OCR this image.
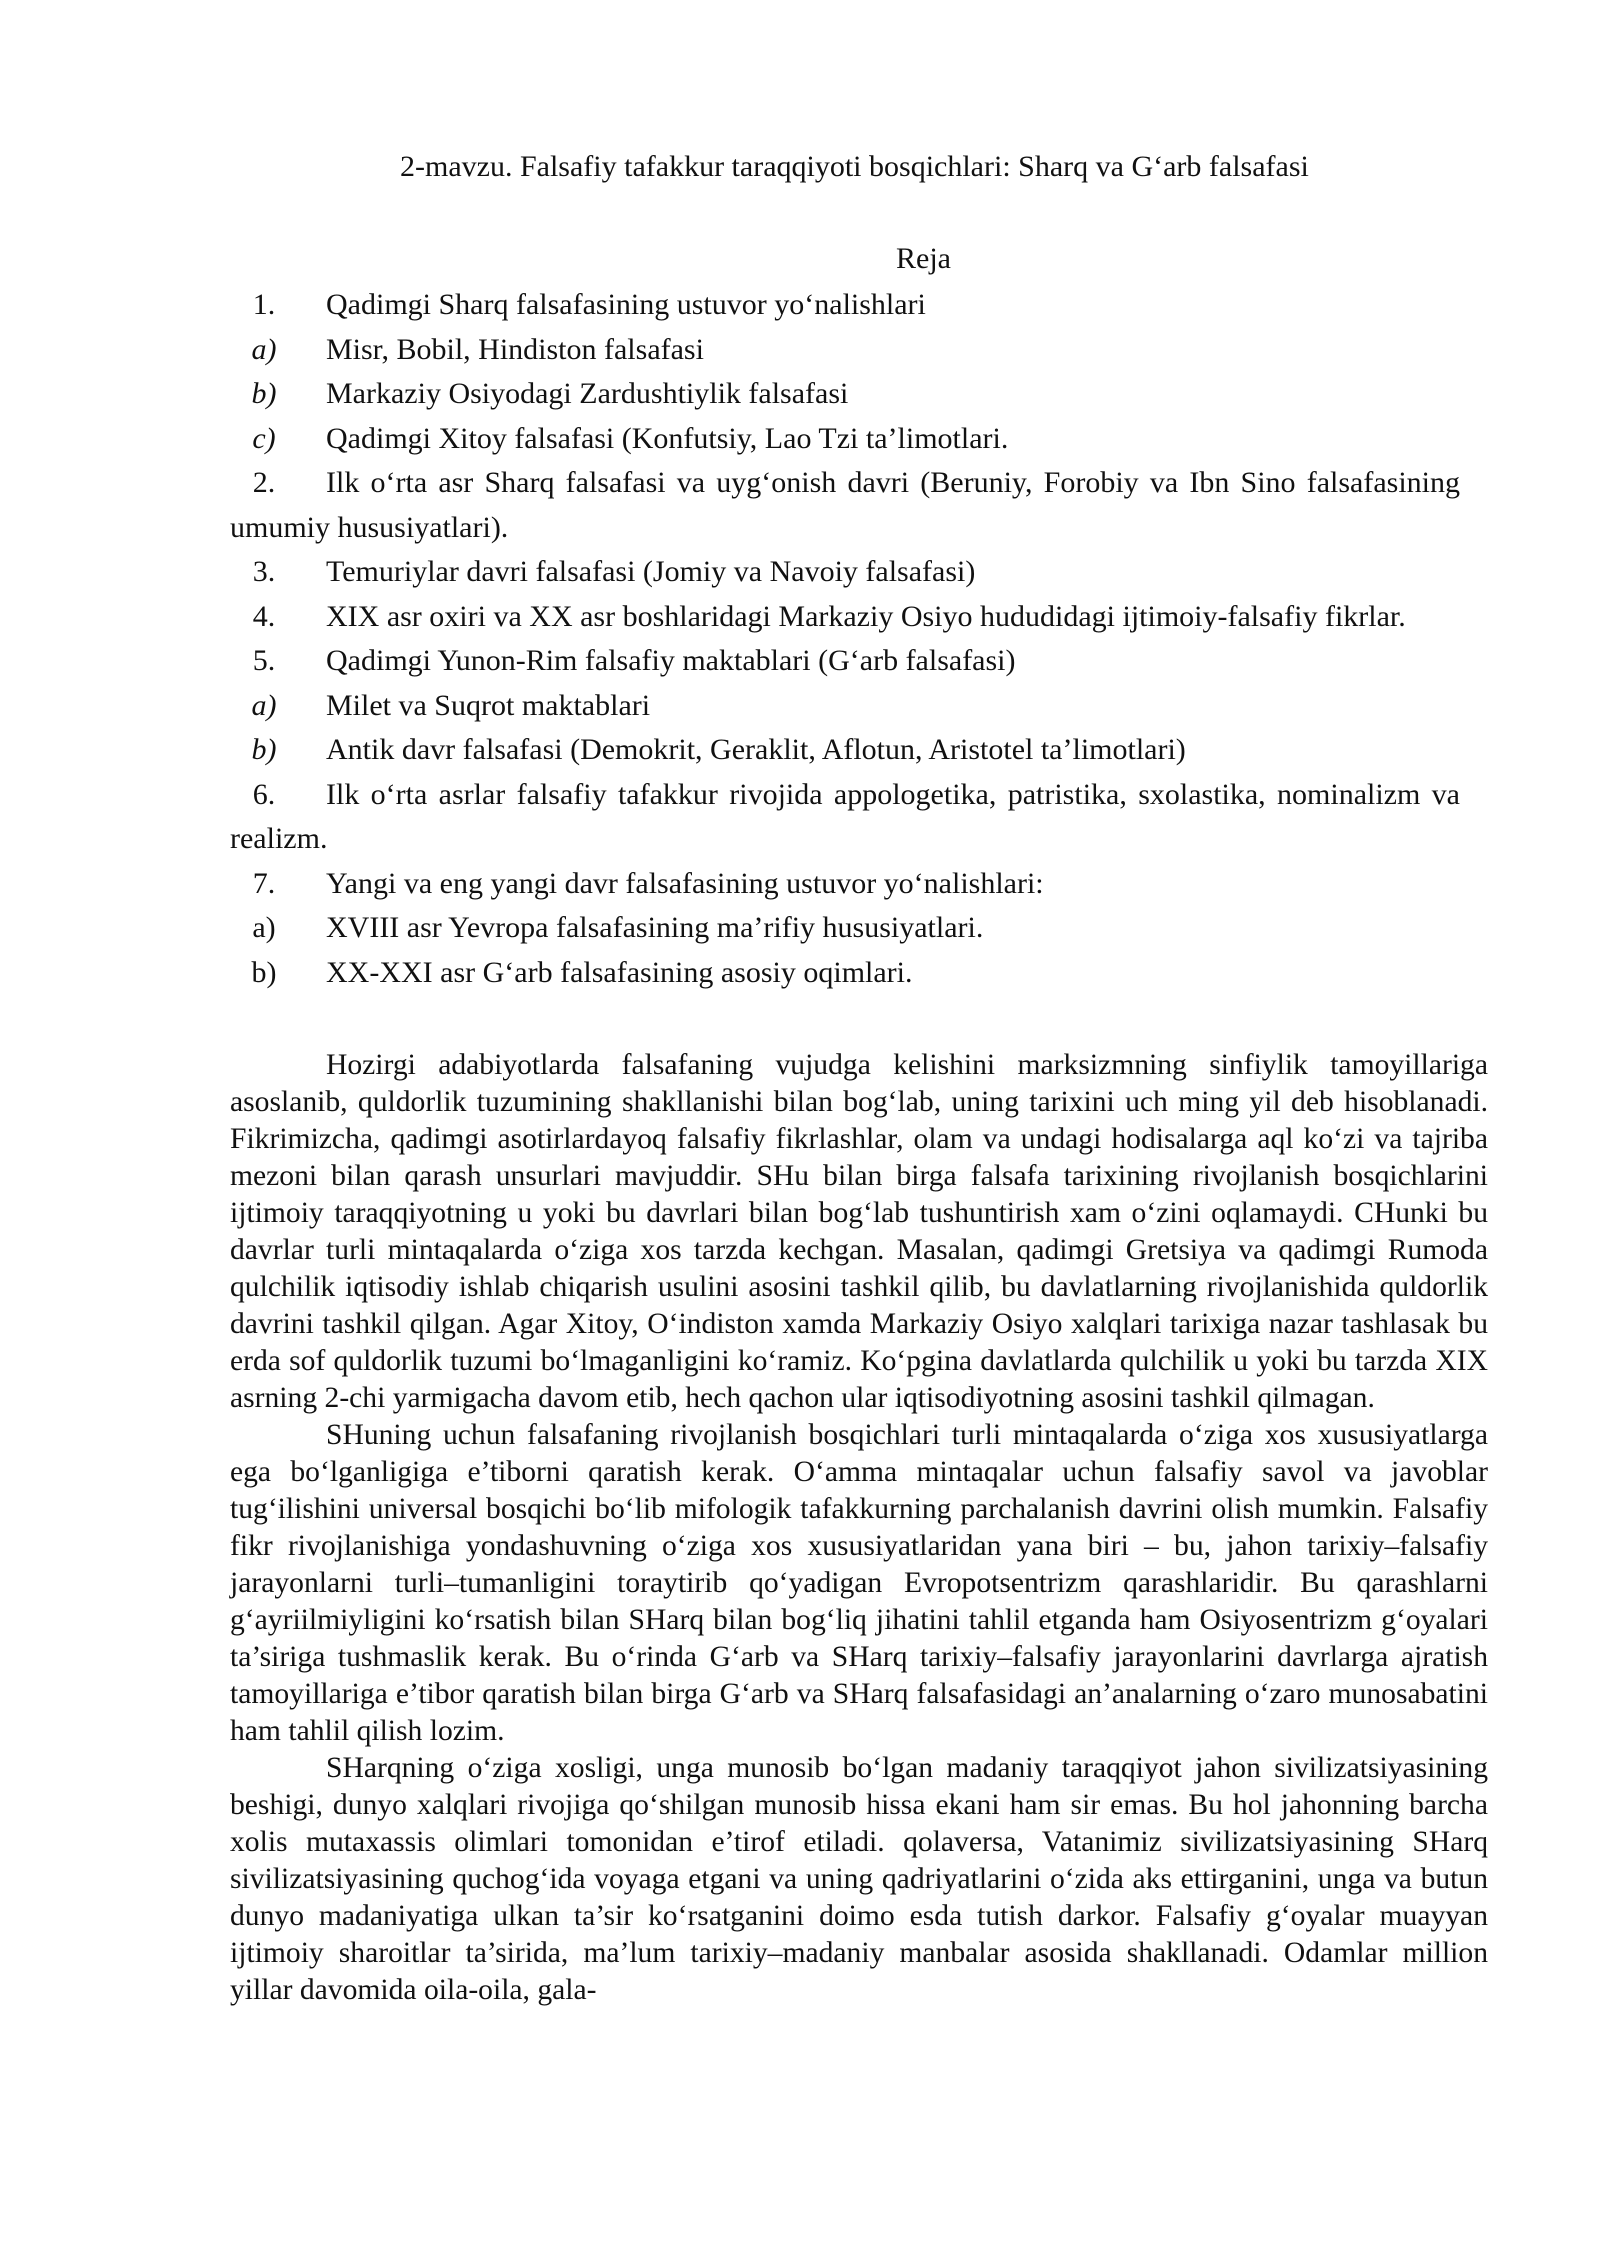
2-mavzu. Falsafiy tafakkur taraqqiyoti bosqichlari: Sharq va G‘arb falsafasi
Reja
1.	Qadimgi Sharq falsafasining ustuvor yo‘nalishlari
a)	Misr, Bobil, Hindiston falsafasi
b)	Markaziy Osiyodagi Zardushtiylik falsafasi
c)	Qadimgi Xitoy falsafasi (Konfutsiy, Lao Tzi ta’limotlari.
2.	Ilk o‘rta asr Sharq falsafasi va uyg‘onish davri (Beruniy, Forobiy va Ibn Sino falsafasining umumiy hususiyatlari).
3.	Temuriylar davri falsafasi (Jomiy va Navoiy falsafasi)
4.	XIX asr oxiri va XX asr boshlaridagi Markaziy Osiyo hududidagi ijtimoiy-falsafiy fikrlar.
5.	Qadimgi Yunon-Rim falsafiy maktablari (G‘arb falsafasi)
a)	Milet va Suqrot maktablari
b)	Antik davr falsafasi (Demokrit, Geraklit, Aflotun, Aristotel ta’limotlari)
6.	Ilk o‘rta asrlar falsafiy tafakkur rivojida appologetika, patristika, sxolastika, nominalizm va realizm.
7.	Yangi va eng yangi davr falsafasining ustuvor yo‘nalishlari:
a)	XVIII asr Yevropa falsafasining ma’rifiy hususiyatlari.
b)	XX-XXI asr G‘arb falsafasining asosiy oqimlari.

Hozirgi adabiyotlarda falsafaning vujudga kelishini marksizmning sinfiylik tamoyillariga asoslanib, quldorlik tuzumining shakllanishi bilan bog‘lab, uning tarixini uch ming yil deb hisoblanadi. Fikrimizcha, qadimgi asotirlardayoq falsafiy fikrlashlar, olam va undagi hodisalarga aql ko‘zi va tajriba mezoni bilan qarash unsurlari mavjuddir. SHu bilan birga falsafa tarixining rivojlanish bosqichlarini ijtimoiy taraqqiyotning u yoki bu davrlari bilan bog‘lab tushuntirish xam o‘zini oqlamaydi. CHunki bu davrlar turli mintaqalarda o‘ziga xos tarzda kechgan. Masalan, qadimgi Gretsiya va qadimgi Rumoda qulchilik iqtisodiy ishlab chiqarish usulini asosini tashkil qilib, bu davlatlarning rivojlanishida quldorlik davrini tashkil qilgan. Agar Xitoy, O‘indiston xamda Markaziy Osiyo xalqlari tarixiga nazar tashlasak bu erda sof quldorlik tuzumi bo‘lmaganligini ko‘ramiz. Ko‘pgina davlatlarda qulchilik u yoki bu tarzda XIX asrning 2-chi yarmigacha davom etib, hech qachon ular iqtisodiyotning asosini tashkil qilmagan.

SHuning uchun falsafaning rivojlanish bosqichlari turli mintaqalarda o‘ziga xos xususiyatlarga ega bo‘lganligiga e’tiborni qaratish kerak. O‘amma mintaqalar uchun falsafiy savol va javoblar tug‘ilishini universal bosqichi bo‘lib mifologik tafakkurning parchalanish davrini olish mumkin. Falsafiy fikr rivojlanishiga yondashuvning o‘ziga xos xususiyatlaridan yana biri – bu, jahon tarixiy–falsafiy jarayonlarni turli–tumanligini toraytirib qo‘yadigan Evropotsentrizm qarashlaridir. Bu qarashlarni g‘ayriilmiyligini ko‘rsatish bilan SHarq bilan bog‘liq jihatini tahlil etganda ham Osiyosentrizm g‘oyalari ta’siriga tushmaslik kerak. Bu o‘rinda G‘arb va SHarq tarixiy–falsafiy jarayonlarini davrlarga ajratish tamoyillariga e’tibor qaratish bilan birga G‘arb va SHarq falsafasidagi an’analarning o‘zaro munosabatini ham tahlil qilish lozim.

SHarqning o‘ziga xosligi, unga munosib bo‘lgan madaniy taraqqiyot jahon sivilizatsiyasining beshigi, dunyo xalqlari rivojiga qo‘shilgan munosib hissa ekani ham sir emas. Bu hol jahonning barcha xolis mutaxassis olimlari tomonidan e’tirof etiladi. qolaversa, Vatanimiz sivilizatsiyasining SHarq sivilizatsiyasining quchog‘ida voyaga etgani va uning qadriyatlarini o‘zida aks ettirganini, unga va butun dunyo madaniyatiga ulkan ta’sir ko‘rsatganini doimo esda tutish darkor. Falsafiy g‘oyalar muayyan ijtimoiy sharoitlar ta’sirida, ma’lum tarixiy–madaniy manbalar asosida shakllanadi. Odamlar million yillar davomida oila-oila, gala-
